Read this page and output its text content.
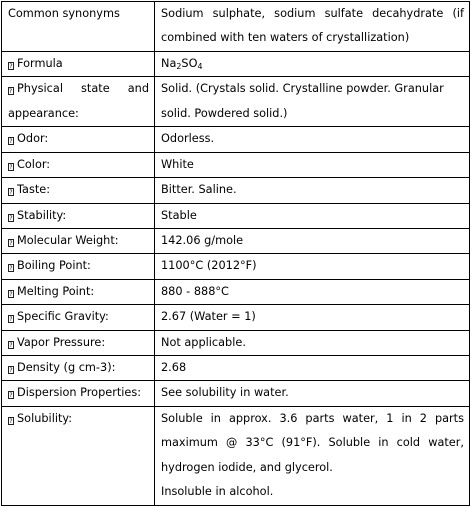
Common synonyms	Sodium sulphate, sodium sulfate decahydrate (if combined with ten waters of crystallization)

? Formula	$Na_2SO_4$

? Physical state and appearance:	Solid. (Crystals solid. Crystalline powder. Granular solid. Powdered solid.)

? Odor:	Odorless.
? Color:	White
? Taste:	Bitter. Saline.
? Stability:	Stable
? Molecular Weight:	142.06 g/mole
? Boiling Point:	1100°C (2012°F)
? Melting Point:	880 - 888°C
? Specific Gravity:	2.67 (Water = 1)
? Vapor Pressure:	Not applicable.
? Density (g cm-3):	2.68
? Dispersion Properties:	See solubility in water.
? Solubility:	Soluble in approx. 3.6 parts water, 1 in 2 parts maximum @ 33°C (91°F). Soluble in cold water, hydrogen iodide, and glycerol.
Insoluble in alcohol.
